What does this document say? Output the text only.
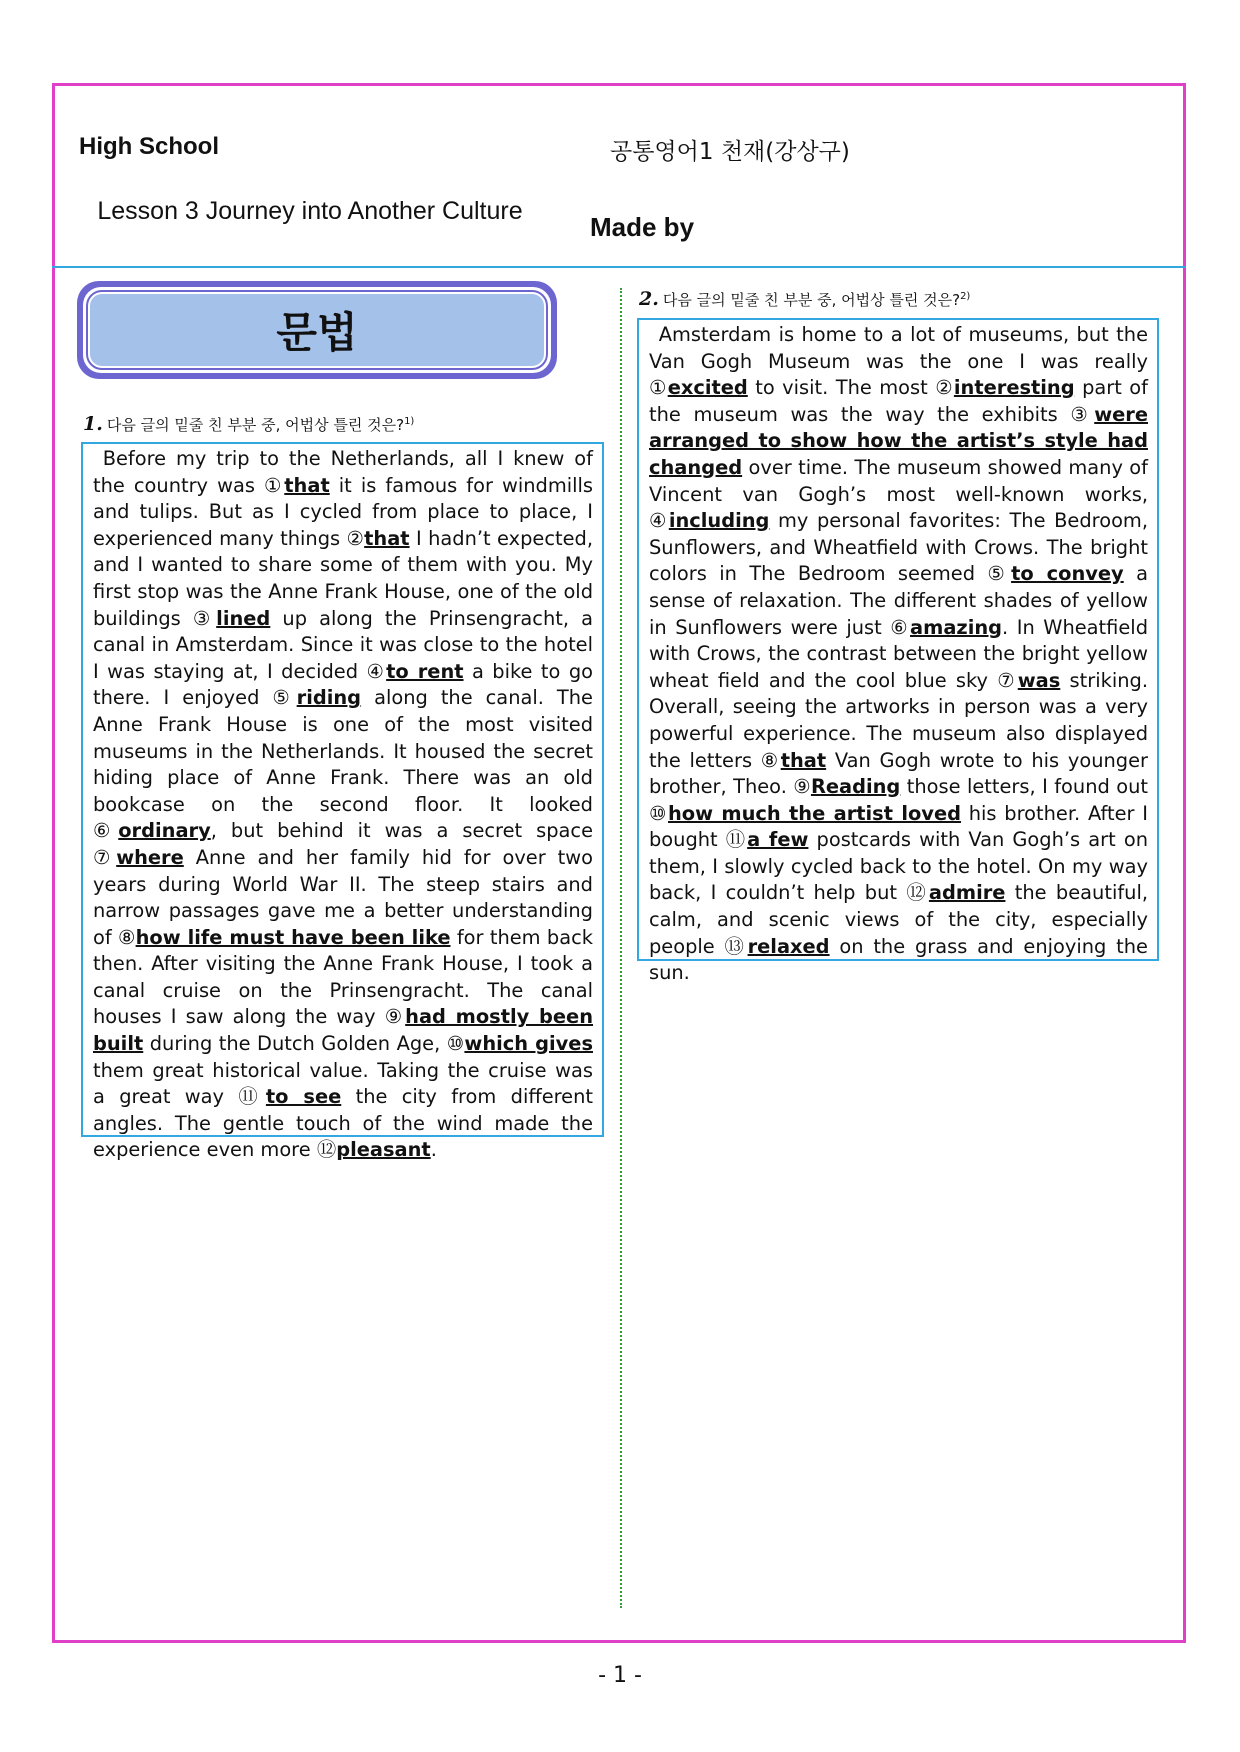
High School	공통영어1 천재(강상구)
Lesson 3 Journey into Another Culture
Made by
문법
1. 다음 글의 밑줄 친 부분 중, 어법상 틀린 것은?$^{1)}$
 Before my trip to the Netherlands, all I knew of the country was ①that it is famous for windmills and tulips. But as I cycled from place to place, I experienced many things ②that I hadn’t expected, and I wanted to share some of them with you. My first stop was the Anne Frank House, one of the old buildings ③lined up along the Prinsengracht, a canal in Amsterdam. Since it was close to the hotel I was staying at, I decided ④to rent a bike to go there. I enjoyed ⑤riding along the canal. The Anne Frank House is one of the most visited museums in the Netherlands. It housed the secret hiding place of Anne Frank. There was an old bookcase on the second floor. It looked ⑥ordinary, but behind it was a secret space ⑦where Anne and her family hid for over two years during World War II. The steep stairs and narrow passages gave me a better understanding of ⑧how life must have been like for them back then. After visiting the Anne Frank House, I took a canal cruise on the Prinsengracht. The canal houses I saw along the way ⑨had mostly been built during the Dutch Golden Age, ⑩which gives them great historical value. Taking the cruise was a great way ⑪to see the city from different angles. The gentle touch of the wind made the experience even more ⑫pleasant.
2. 다음 글의 밑줄 친 부분 중, 어법상 틀린 것은?$^{2)}$
 Amsterdam is home to a lot of museums, but the Van Gogh Museum was the one I was really ①excited to visit. The most ②interesting part of the museum was the way the exhibits ③were arranged to show how the artist’s style had changed over time. The museum showed many of Vincent van Gogh’s most well-known works, ④including my personal favorites: The Bedroom, Sunflowers, and Wheatfield with Crows. The bright colors in The Bedroom seemed ⑤to convey a sense of relaxation. The different shades of yellow in Sunflowers were just ⑥amazing. In Wheatfield with Crows, the contrast between the bright yellow wheat field and the cool blue sky ⑦was striking. Overall, seeing the artworks in person was a very powerful experience. The museum also displayed the letters ⑧that Van Gogh wrote to his younger brother, Theo. ⑨Reading those letters, I found out ⑩how much the artist loved his brother. After I bought ⑪a few postcards with Van Gogh’s art on them, I slowly cycled back to the hotel. On my way back, I couldn’t help but ⑫admire the beautiful, calm, and scenic views of the city, especially people ⑬relaxed on the grass and enjoying the sun.
- 1 -
